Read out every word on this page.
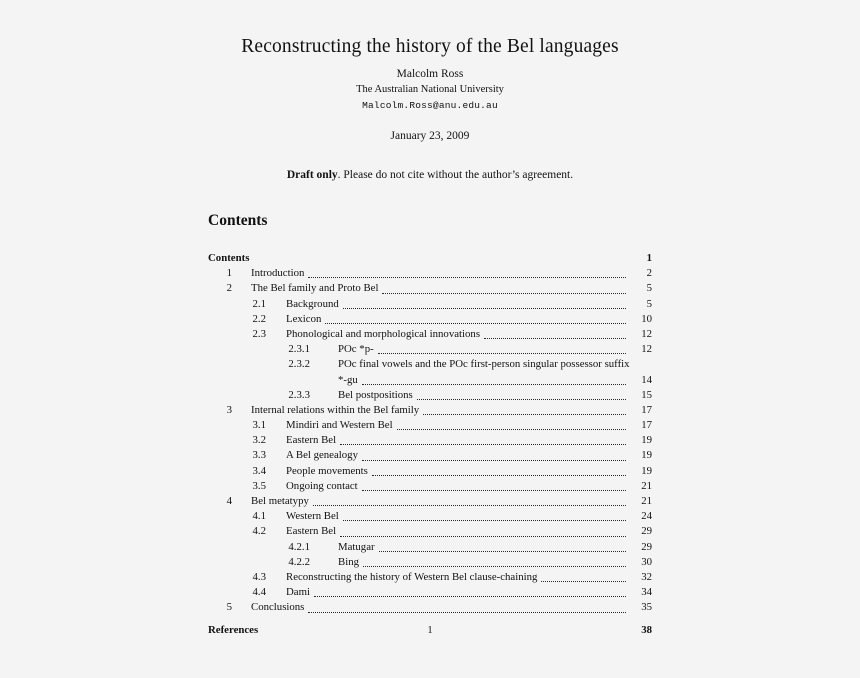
Reconstructing the history of the Bel languages
Malcolm Ross
The Australian National University
Malcolm.Ross@anu.edu.au
January 23, 2009
Draft only. Please do not cite without the author’s agreement.
Contents
Contents	1
1 Introduction	2
2 The Bel family and Proto Bel	5
2.1 Background	5
2.2 Lexicon	10
2.3 Phonological and morphological innovations	12
2.3.1	POc *p-	12
2.3.2	POc final vowels and the POc first-person singular possessor suffix
*-gu	14
2.3.3	Bel postpositions	15
3 Internal relations within the Bel family	17
3.1 Mindiri and Western Bel	17
3.2 Eastern Bel	19
3.3 A Bel genealogy	19
3.4 People movements	19
3.5 Ongoing contact	21
4 Bel metatypy	21
4.1 Western Bel	24
4.2 Eastern Bel	29
4.2.1	Matugar	29
4.2.2	Bing	30
4.3 Reconstructing the history of Western Bel clause-chaining	32
4.4 Dami	34
5 Conclusions	35
References	38
1
